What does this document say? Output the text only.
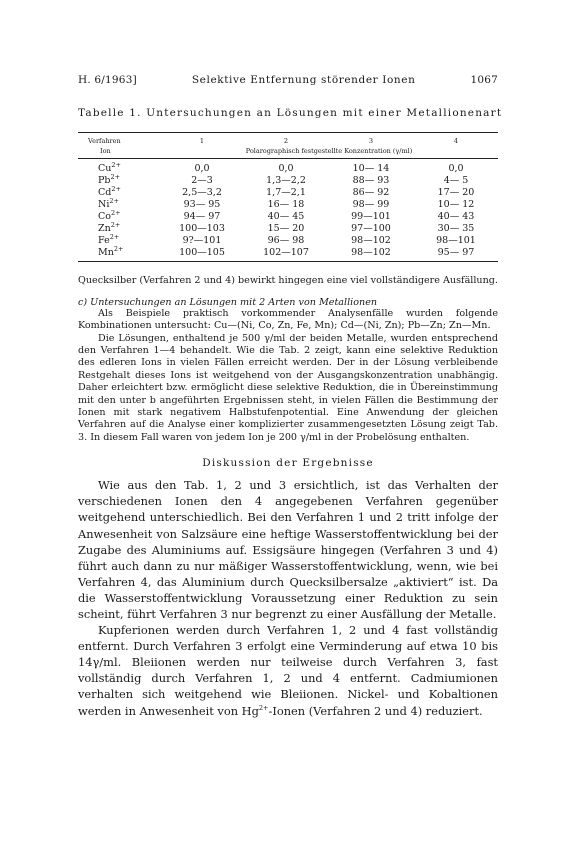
H. 6/1963]	Selektive Entfernung störender Ionen	1067
Tabelle 1. Untersuchungen an Lösungen mit einer Metallionenart
Verfahren	1	2	3	4
Ion	Polarographisch festgestellte Konzentration (γ/ml)			
$Cu^{2+}$	0,0	0,0	10— 14	0,0
$Pb^{2+}$	2—3	1,3—2,2	88— 93	4— 5
$Cd^{2+}$	2,5—3,2	1,7—2,1	86— 92	17— 20
$Ni^{2+}$	93— 95	16— 18	98— 99	10— 12
$Co^{2+}$	94— 97	40— 45	99—101	40— 43
$Zn^{2+}$	100—103	15— 20	97—100	30— 35
$Fe^{2+}$	9?—101	96— 98	98—102	98—101
$Mn^{2+}$	100—105	102—107	98—102	95— 97

Quecksilber (Verfahren 2 und 4) bewirkt hingegen eine viel vollständigere Ausfällung.

c) Untersuchungen an Lösungen mit 2 Arten von Metallionen

Als Beispiele praktisch vorkommender Analysenfälle wurden folgende Kombinationen untersucht: Cu—(Ni, Co, Zn, Fe, Mn); Cd—(Ni, Zn); Pb—Zn; Zn—Mn.

Die Lösungen, enthaltend je 500 γ/ml der beiden Metalle, wurden entsprechend den Verfahren 1—4 behandelt. Wie die Tab. 2 zeigt, kann eine selektive Reduktion des edleren Ions in vielen Fällen erreicht werden. Der in der Lösung verbleibende Restgehalt dieses Ions ist weitgehend von der Ausgangskonzentration unabhängig. Daher erleichtert bzw. ermöglicht diese selektive Reduktion, die in Übereinstimmung mit den unter b angeführten Ergebnissen steht, in vielen Fällen die Bestimmung der Ionen mit stark negativem Halbstufenpotential. Eine Anwendung der gleichen Verfahren auf die Analyse einer komplizierter zusammengesetzten Lösung zeigt Tab. 3. In diesem Fall waren von jedem Ion je 200 γ/ml in der Probelösung enthalten.

Diskussion der Ergebnisse

Wie aus den Tab. 1, 2 und 3 ersichtlich, ist das Verhalten der verschiedenen Ionen den 4 angegebenen Verfahren gegenüber weitgehend unterschiedlich. Bei den Verfahren 1 und 2 tritt infolge der Anwesenheit von Salzsäure eine heftige Wasserstoffentwicklung bei der Zugabe des Aluminiums auf. Essigsäure hingegen (Verfahren 3 und 4) führt auch dann zu nur mäßiger Wasserstoffentwicklung, wenn, wie bei Verfahren 4, das Aluminium durch Quecksilbersalze „aktiviert“ ist. Da die Wasserstoffentwicklung Voraussetzung einer Reduktion zu sein scheint, führt Verfahren 3 nur begrenzt zu einer Ausfällung der Metalle.

Kupferionen werden durch Verfahren 1, 2 und 4 fast vollständig entfernt. Durch Verfahren 3 erfolgt eine Verminderung auf etwa 10 bis 14γ/ml. Bleiionen werden nur teilweise durch Verfahren 3, fast vollständig durch Verfahren 1, 2 und 4 entfernt. Cadmiumionen verhalten sich weitgehend wie Bleiionen. Nickel- und Kobaltionen werden in Anwesenheit von $Hg^{2+}$-Ionen (Verfahren 2 und 4) reduziert.
